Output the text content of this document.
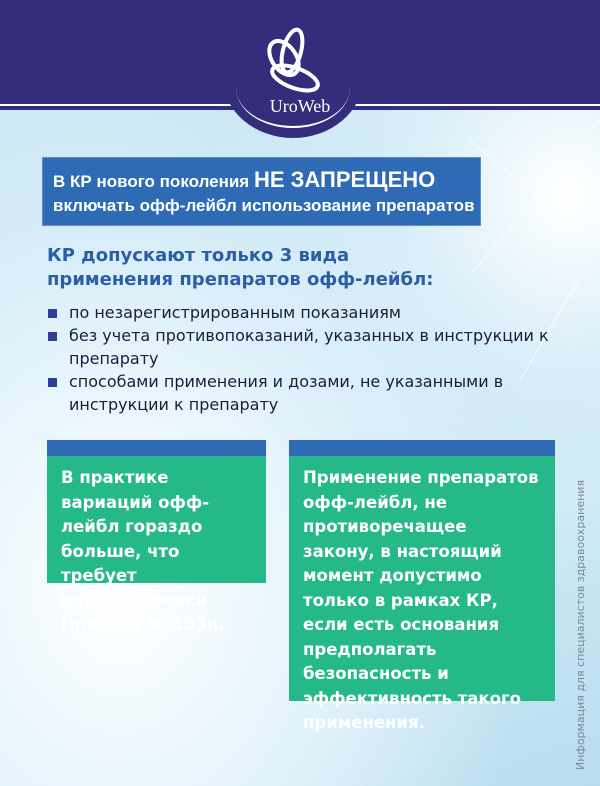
UroWeb
В КР нового поколения НЕ ЗАПРЕЩЕНО
включать офф-лейбл использование препаратов
КР допускают только 3 вида
применения препаратов офф-лейбл:
по незарегистрированным показаниям
без учета противопоказаний, указанных в инструкции к препарату
способами применения и дозами, не указанными в инструкции к препарату
В практике вариаций офф-лейбл гораздо больше, что требует корректировки Приказа № 103н.
Применение препаратов офф-лейбл, не противоречащее закону, в настоящий момент допустимо только в рамках КР, если есть основания предполагать безопасность и эффективность такого применения.	Информация для специалистов здравоохранения
